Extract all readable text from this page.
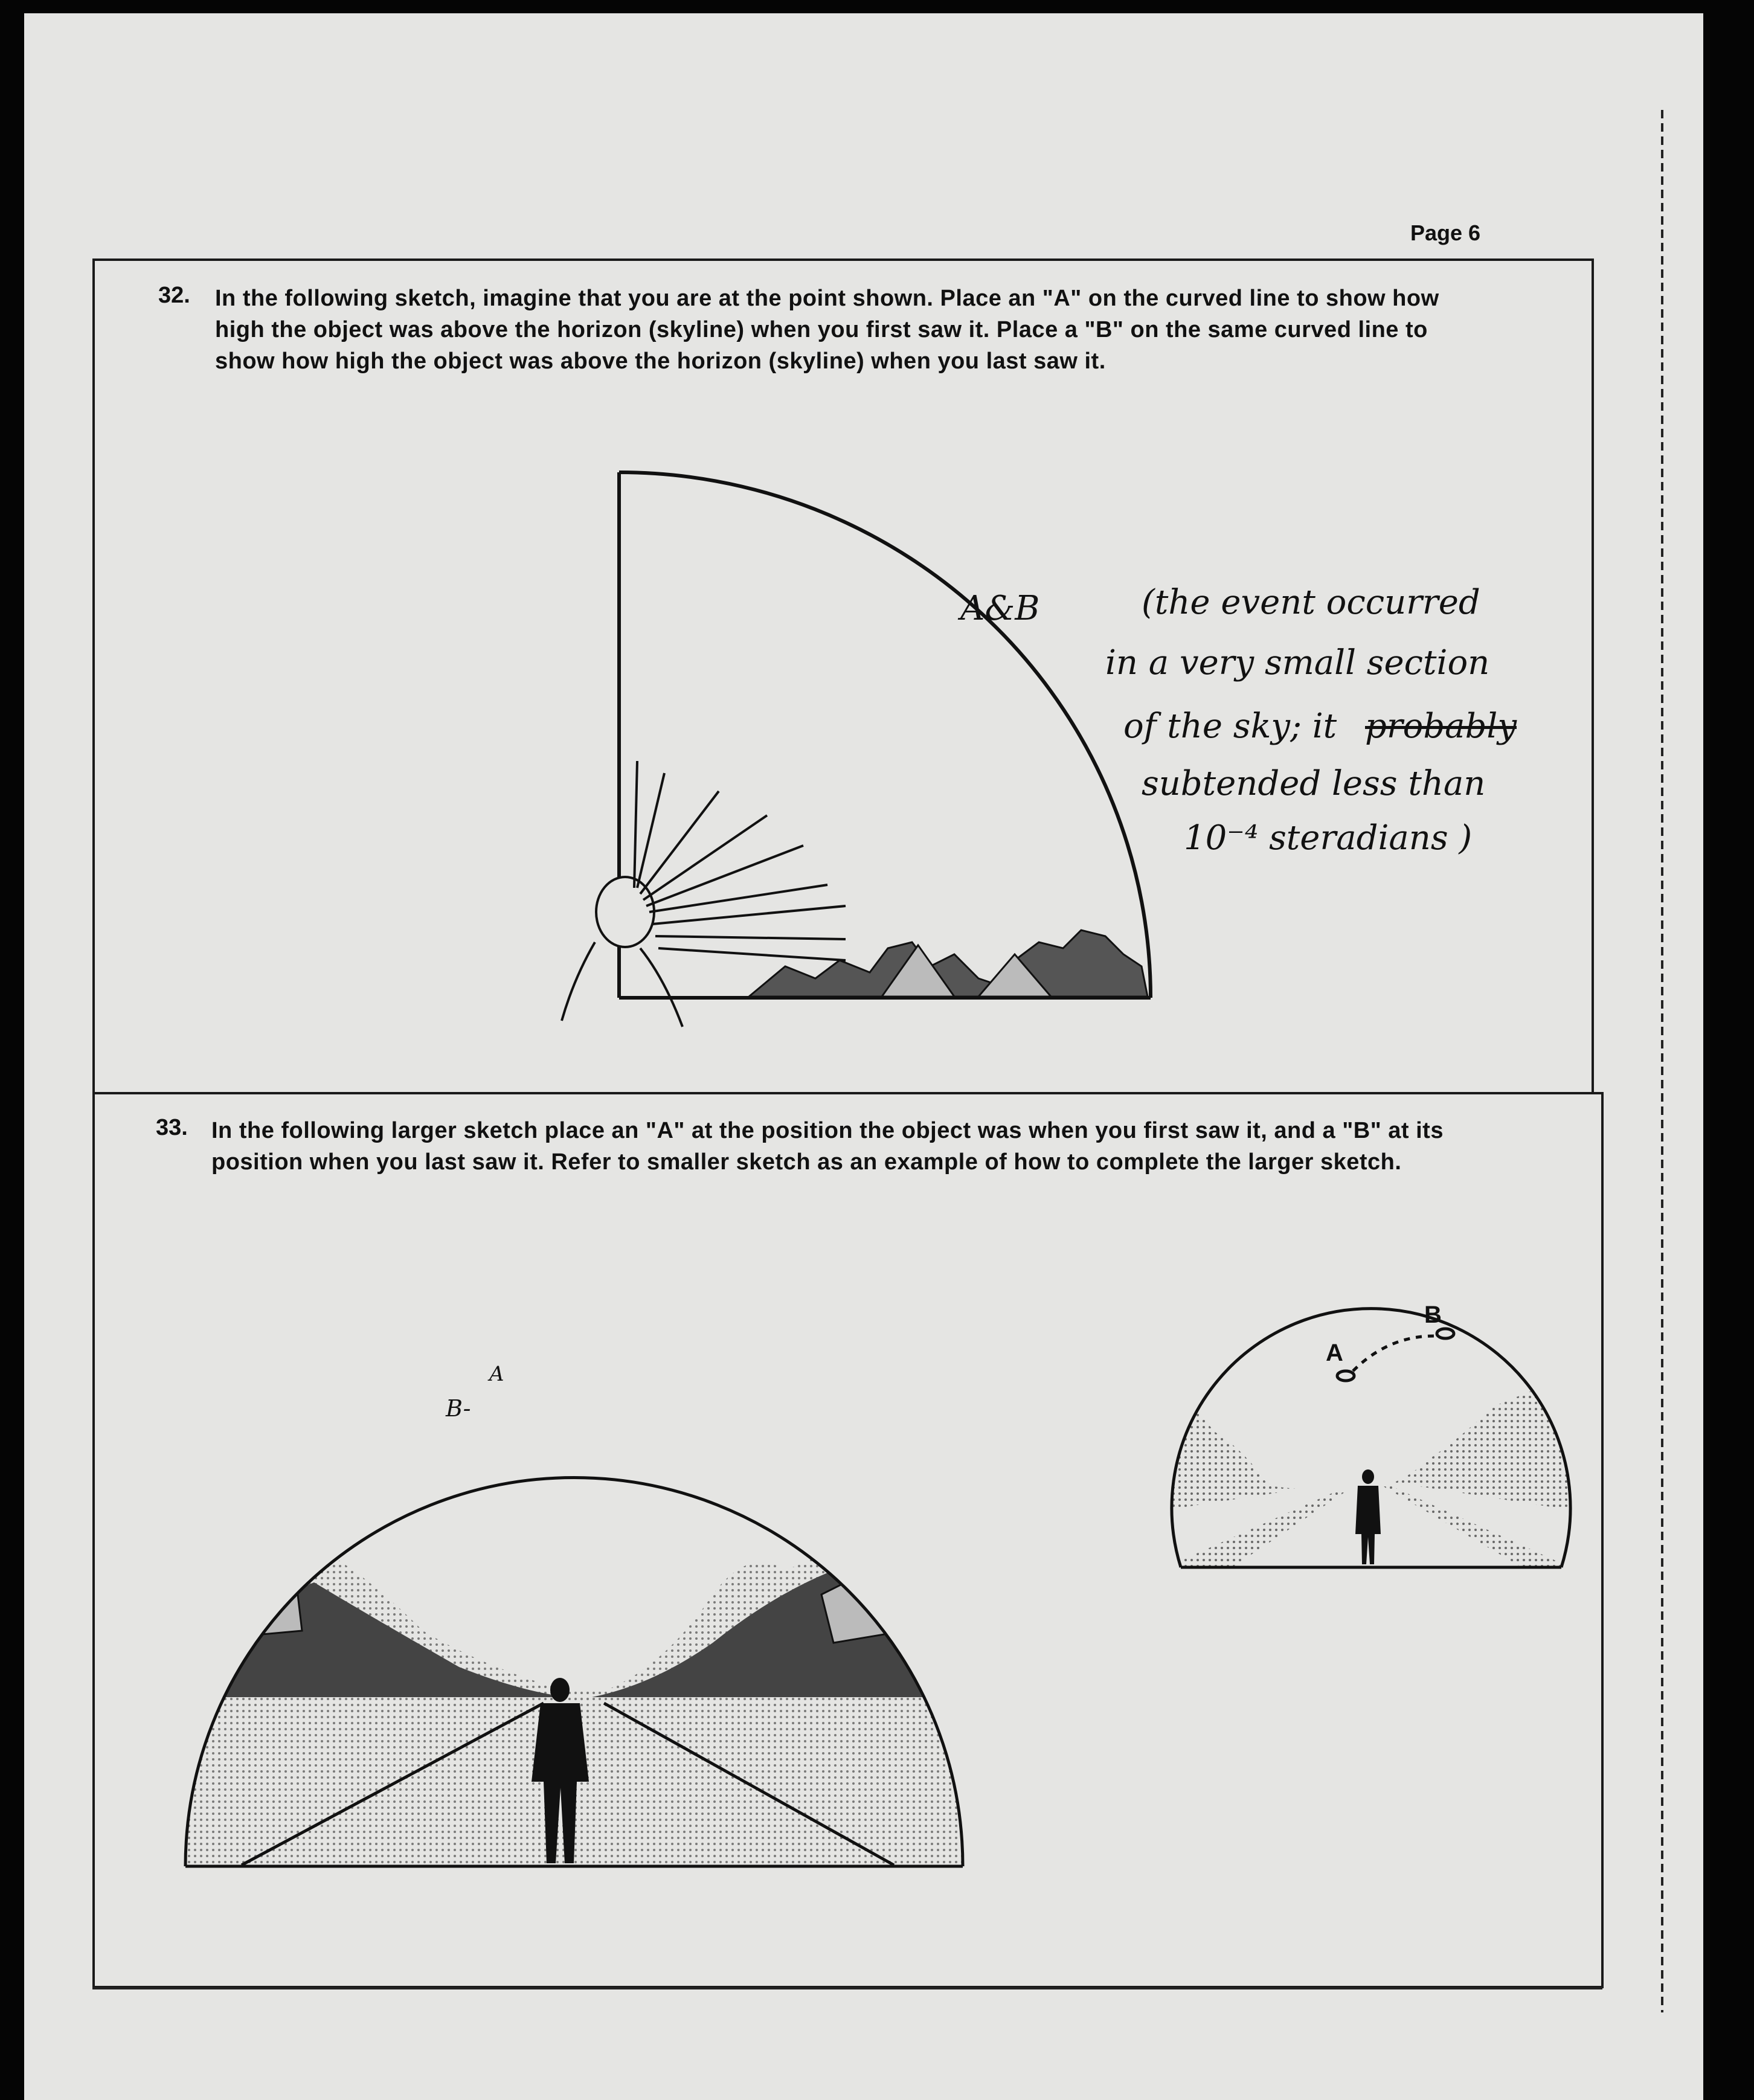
Page 6
32. In the following sketch, imagine that you are at the point shown. Place an "A" on the curved line to show how
high the object was above the horizon (skyline) when you first saw it. Place a "B" on the same curved line to
show how high the object was above the horizon (skyline) when you last saw it.
A&B	(the event occurred
in a very small section
of the sky; it probably
subtended less than
10⁻⁴ steradians )
33. In the following larger sketch place an "A" at the position the object was when you first saw it, and a "B" at its
position when you last saw it. Refer to smaller sketch as an example of how to complete the larger sketch.
A
B-
A
B
